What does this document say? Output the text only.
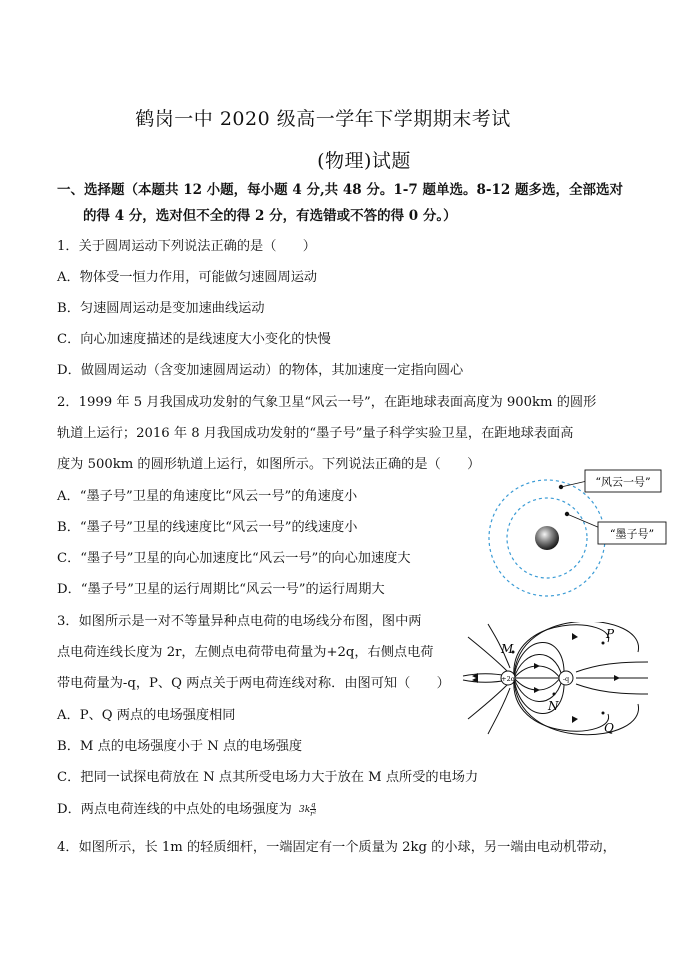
鹤岗一中 2020 级高一学年下学期期末考试
(物理)试题
一、选择题（本题共 12 小题，每小题 4 分,共 48 分。1-7 题单选。8-12 题多选，全部选对
的得 4 分，选对但不全的得 2 分，有选错或不答的得 0 分。）
1．关于圆周运动下列说法正确的是（　　）
A．物体受一恒力作用，可能做匀速圆周运动
B．匀速圆周运动是变加速曲线运动
C．向心加速度描述的是线速度大小变化的快慢
D．做圆周运动（含变加速圆周运动）的物体，其加速度一定指向圆心
2．1999 年 5 月我国成功发射的气象卫星“风云一号”，在距地球表面高度为 900km 的圆形
轨道上运行；2016 年 8 月我国成功发射的“墨子号”量子科学实验卫星，在距地球表面高
度为 500km 的圆形轨道上运行，如图所示。下列说法正确的是（　　）
A．“墨子号”卫星的角速度比“风云一号”的角速度小
B．“墨子号”卫星的线速度比“风云一号”的线速度小
C．“墨子号”卫星的向心加速度比“风云一号”的向心加速度大
D．“墨子号”卫星的运行周期比“风云一号”的运行周期大
“风云一号”
“墨子号”
3．如图所示是一对不等量异种点电荷的电场线分布图，图中两
点电荷连线长度为 2r，左侧点电荷带电荷量为+2q，右侧点电荷
带电荷量为-q，P、Q 两点关于两电荷连线对称．由图可知（　　）
A．P、Q 两点的电场强度相同
B．M 点的电场强度小于 N 点的电场强度
C．把同一试探电荷放在 N 点其所受电场力大于放在 M 点所受的电场力
D．两点电荷连线的中点处的电场强度为 $3k \frac{q}{\text{r²}}$
+2q	-q
M
N
P
Q
4．如图所示，长 1m 的轻质细杆，一端固定有一个质量为 2kg 的小球，另一端由电动机带动，
